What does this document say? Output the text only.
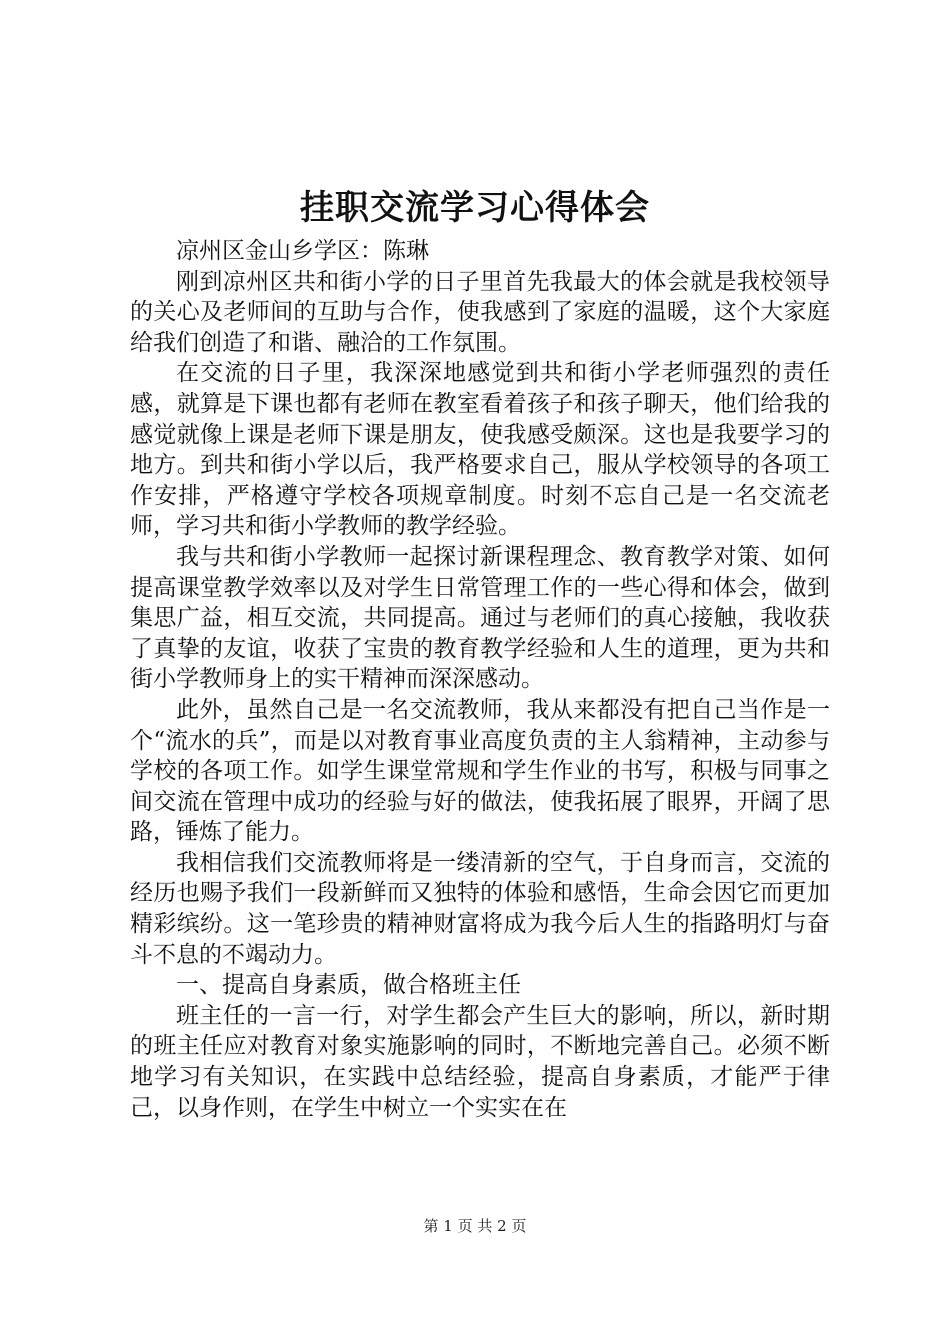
挂职交流学习心得体会

凉州区金山乡学区：陈琳

刚到凉州区共和街小学的日子里首先我最大的体会就是我校领导的关心及老师间的互助与合作，使我感到了家庭的温暖，这个大家庭给我们创造了和谐、融洽的工作氛围。

在交流的日子里，我深深地感觉到共和街小学老师强烈的责任感，就算是下课也都有老师在教室看着孩子和孩子聊天，他们给我的感觉就像上课是老师下课是朋友，使我感受颇深。这也是我要学习的地方。到共和街小学以后，我严格要求自己，服从学校领导的各项工作安排，严格遵守学校各项规章制度。时刻不忘自己是一名交流老师，学习共和街小学教师的教学经验。

我与共和街小学教师一起探讨新课程理念、教育教学对策、如何提高课堂教学效率以及对学生日常管理工作的一些心得和体会，做到集思广益，相互交流，共同提高。通过与老师们的真心接触，我收获了真挚的友谊，收获了宝贵的教育教学经验和人生的道理，更为共和街小学教师身上的实干精神而深深感动。

此外，虽然自己是一名交流教师，我从来都没有把自己当作是一个“流水的兵”，而是以对教育事业高度负责的主人翁精神，主动参与学校的各项工作。如学生课堂常规和学生作业的书写，积极与同事之间交流在管理中成功的经验与好的做法，使我拓展了眼界，开阔了思路，锤炼了能力。

我相信我们交流教师将是一缕清新的空气，于自身而言，交流的经历也赐予我们一段新鲜而又独特的体验和感悟，生命会因它而更加精彩缤纷。这一笔珍贵的精神财富将成为我今后人生的指路明灯与奋斗不息的不竭动力。

一、提高自身素质，做合格班主任

班主任的一言一行，对学生都会产生巨大的影响，所以，新时期的班主任应对教育对象实施影响的同时，不断地完善自己。必须不断地学习有关知识，在实践中总结经验，提高自身素质，才能严于律己，以身作则，在学生中树立一个实实在在

第 1 页 共 2 页
